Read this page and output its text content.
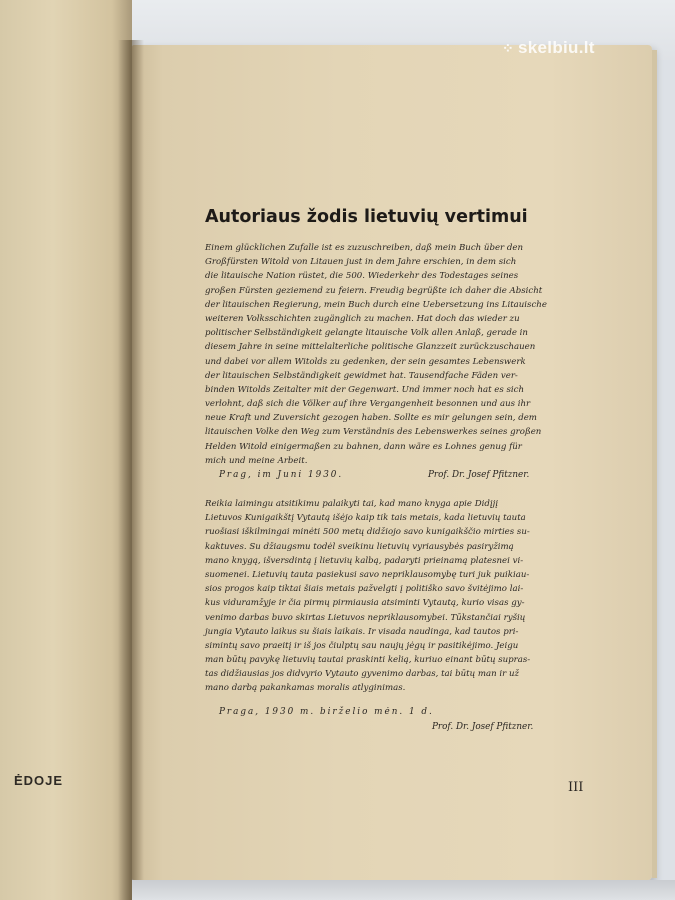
ĖDOJE
⁘ skelbiu.lt
Autoriaus žodis lietuvių vertimui
Einem glücklichen Zufalle ist es zuzuschreiben, daß mein Buch über den
Großfürsten Witold von Litauen just in dem Jahre erschien, in dem sich
die litauische Nation rüstet, die 500. Wiederkehr des Todestages seines
großen Fürsten geziemend zu feiern. Freudig begrüßte ich daher die Absicht
der litauischen Regierung, mein Buch durch eine Uebersetzung ins Litauische
weiteren Volksschichten zugänglich zu machen. Hat doch das wieder zu
politischer Selbständigkeit gelangte litauische Volk allen Anlaß, gerade in
diesem Jahre in seine mittelalterliche politische Glanzzeit zurückzuschauen
und dabei vor allem Witolds zu gedenken, der sein gesamtes Lebenswerk
der litauischen Selbständigkeit gewidmet hat. Tausendfache Fäden ver-
binden Witolds Zeitalter mit der Gegenwart. Und immer noch hat es sich
verlohnt, daß sich die Völker auf ihre Vergangenheit besonnen und aus ihr
neue Kraft und Zuversicht gezogen haben. Sollte es mir gelungen sein, dem
litauischen Volke den Weg zum Verständnis des Lebenswerkes seines großen
Helden Witold einigermaßen zu bahnen, dann wäre es Lohnes genug für
mich und meine Arbeit.
Prag, im Juni 1930.	Prof. Dr. Josef Pfitzner.
Reikia laimingu atsitikimu palaikyti tai, kad mano knyga apie Didįjį
Lietuvos Kunigaikštį Vytautą išėjo kaip tik tais metais, kada lietuvių tauta
ruošiasi iškilmingai minėti 500 metų didžiojo savo kunigaikščio mirties su-
kaktuves. Su džiaugsmu todėl sveikinu lietuvių vyriausybės pasiryžimą
mano knygą, išversdintą į lietuvių kalbą, padaryti prieinamą platesnei vi-
suomenei. Lietuvių tauta pasiekusi savo nepriklausomybę turi juk puikiau-
sios progos kaip tiktai šiais metais pažvelgti į politiško savo švitėjimo lai-
kus viduramžyje ir čia pirmų pirmiausia atsiminti Vytautą, kurio visas gy-
venimo darbas buvo skirtas Lietuvos nepriklausomybei. Tūkstančiai ryšių
jungia Vytauto laikus su šiais laikais. Ir visada naudinga, kad tautos pri-
simintų savo praeitį ir iš jos čiulptų sau naujų jėgų ir pasitikėjimo. Jeigu
man būtų pavykę lietuvių tautai praskinti kelią, kuriuo einant būtų supras-
tas didžiausias jos didvyrio Vytauto gyvenimo darbas, tai būtų man ir už
mano darbą pakankamas moralis atlyginimas.
Praga, 1930 m. birželio mėn. 1 d.
Prof. Dr. Josef Pfitzner.
III
